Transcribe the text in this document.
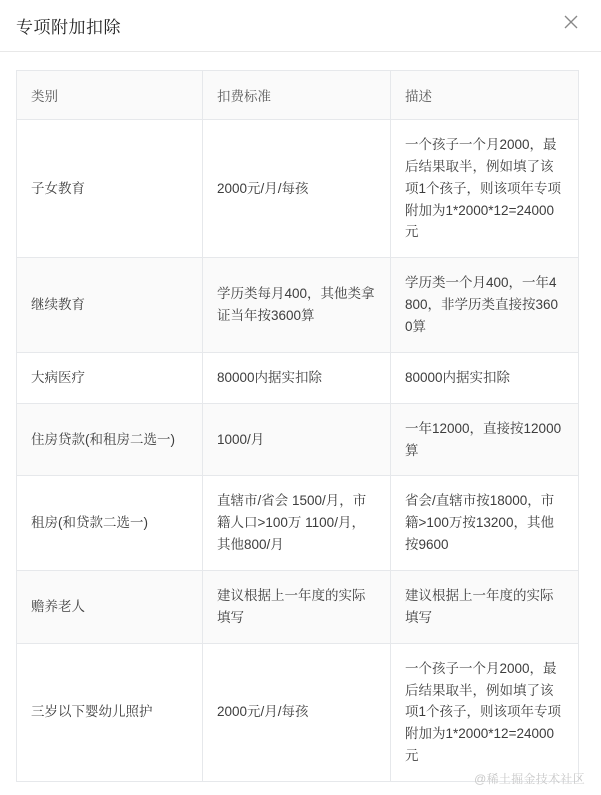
专项附加扣除
类别	扣费标准	描述
子女教育	2000元/月/每孩	一个孩子一个月2000，最后结果取半，例如填了该项1个孩子，则该项年专项附加为1*2000*12=24000元
继续教育	学历类每月400，其他类拿证当年按3600算	学历类一个月400，一年4800，非学历类直接按3600算
大病医疗	80000内据实扣除	80000内据实扣除
住房贷款(和租房二选一)	1000/月	一年12000，直接按12000算
租房(和贷款二选一)	直辖市/省会 1500/月，市籍人口>100万 1100/月，其他800/月	省会/直辖市按18000，市籍>100万按13200，其他按9600
赡养老人	建议根据上一年度的实际填写	建议根据上一年度的实际填写
三岁以下婴幼儿照护	2000元/月/每孩	一个孩子一个月2000，最后结果取半，例如填了该项1个孩子，则该项年专项附加为1*2000*12=24000元
@稀土掘金技术社区
